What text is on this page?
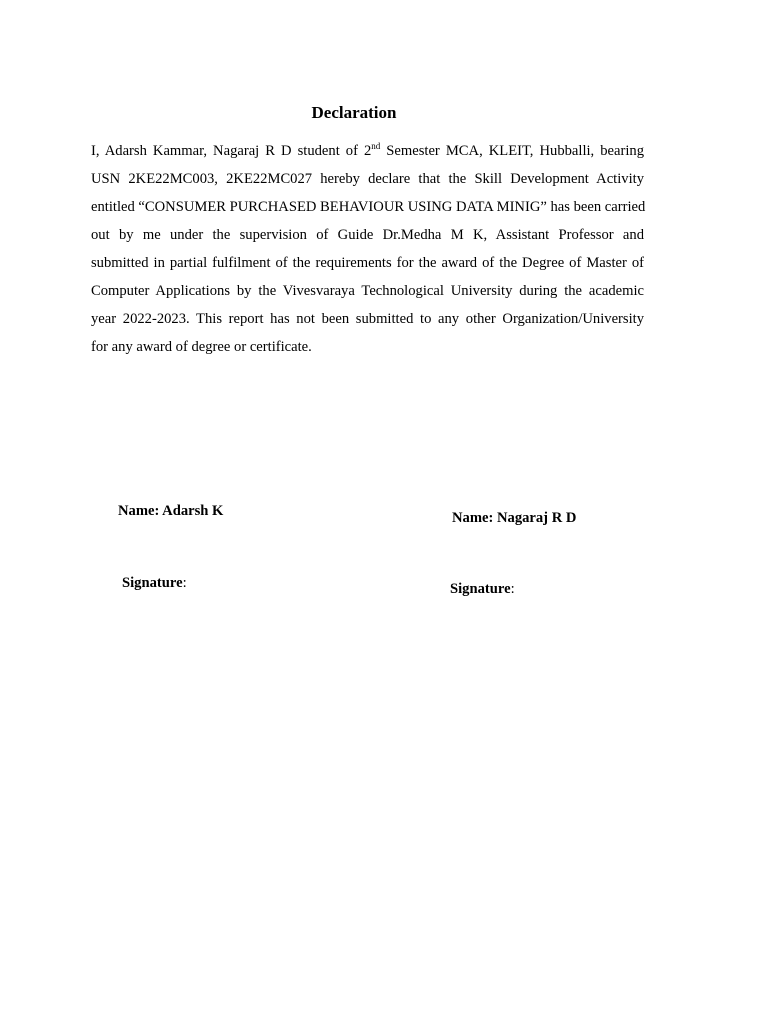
Declaration
I, Adarsh Kammar, Nagaraj R D student of 2nd Semester MCA, KLEIT, Hubballi, bearing
USN 2KE22MC003, 2KE22MC027 hereby declare that the Skill Development Activity
entitled “CONSUMER PURCHASED BEHAVIOUR USING DATA MINIG” has been carried
out by me under the supervision of Guide Dr.Medha M K, Assistant Professor and
submitted in partial fulfilment of the requirements for the award of the Degree of Master of
Computer Applications by the Vivesvaraya Technological University during the academic
year 2022-2023. This report has not been submitted to any other Organization/University
for any award of degree or certificate.
Name: Adarsh K	Name: Nagaraj R D
Signature:	Signature:
